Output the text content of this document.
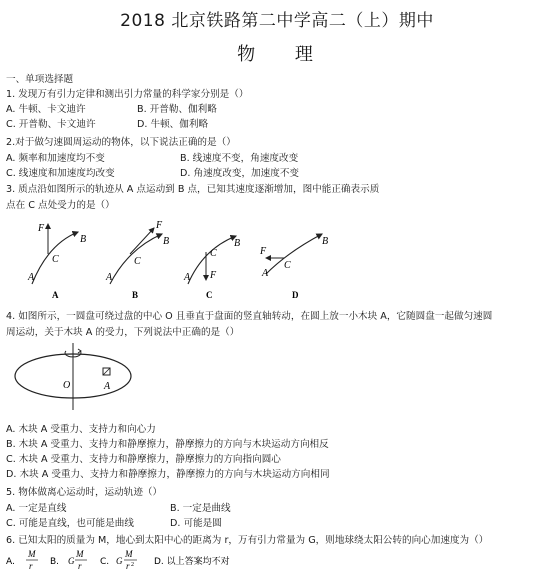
2018 北京铁路第二中学高二（上）期中
物 理
一、单项选择题
1. 发现万有引力定律和测出引力常量的科学家分别是（）
A. 牛顿、卡文迪许	B. 开普勒、伽利略
C. 开普勒、卡文迪许	D. 牛顿、伽利略
2.对于做匀速圆周运动的物体，以下说法正确的是（）
A. 频率和加速度均不变	B. 线速度不变，角速度改变
C. 线速度和加速度均改变	D. 角速度改变，加速度不变
3. 质点沿如图所示的轨迹从 A 点运动到 B 点，已知其速度逐渐增加，图中能正确表示质
点在 C 点处受力的是（）
F
C
B
A
F
C
B
A	F
C
B
A
F
C
B
A
A	B	C	D
4. 如图所示，一圆盘可绕过盘的中心 O 且垂直于盘面的竖直轴转动，在圆上放一小木块 A，它随圆盘一起做匀速圆
周运动，关于木块 A 的受力，下列说法中正确的是（）
O	A
A. 木块 A 受重力、支持力和向心力
B. 木块 A 受重力、支持力和静摩擦力，静摩擦力的方向与木块运动方向相反
C. 木块 A 受重力、支持力和静摩擦力，静摩擦力的方向指向圆心
D. 木块 A 受重力、支持力和静摩擦力，静摩擦力的方向与木块运动方向相同
5. 物体做离心运动时，运动轨迹（）
A. 一定是直线	B. 一定是曲线
C. 可能是直线，也可能是曲线	D. 可能是圆
6. 已知太阳的质量为 M，地心到太阳中心的距离为 r，万有引力常量为 G，则地球绕太阳公转的向心加速度为（）
A.	B.	C.
M
r	G
M
r	G
M
r 2 D. 以上答案均不对
